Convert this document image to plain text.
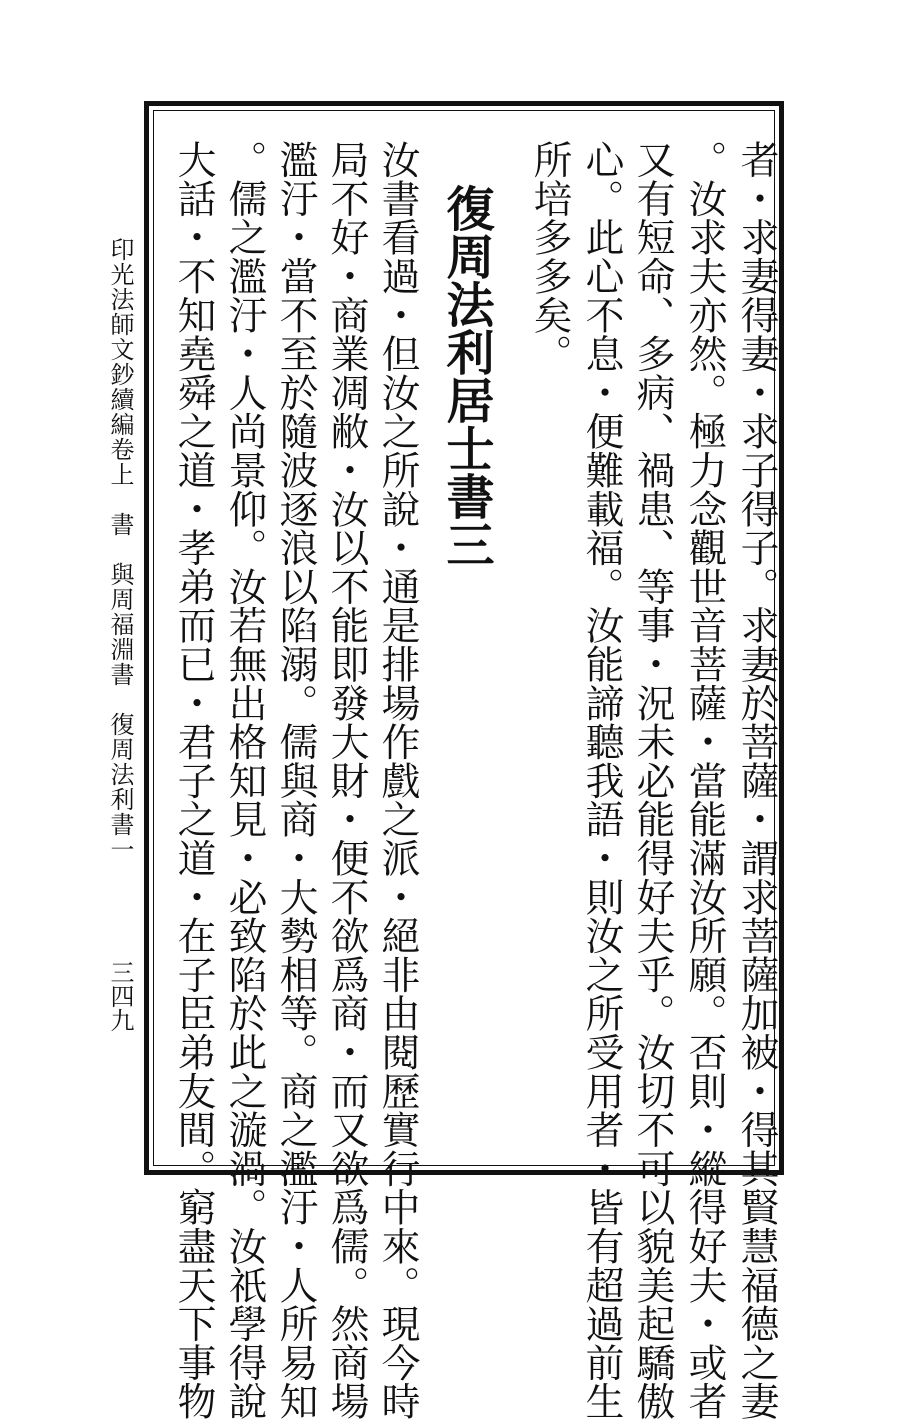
者・求妻得妻・求子得子。求妻於菩薩・謂求菩薩加被・得其賢慧福德之妻
。汝求夫亦然。極力念觀世音菩薩・當能滿汝所願。否則・縱得好夫・或者
又有短命、多病、禍患、等事・況未必能得好夫乎。汝切不可以貌美起驕傲
心。此心不息・便難載福。汝能諦聽我語・則汝之所受用者・皆有超過前生
所培多多矣。
復周法利居士書三
汝書看過・但汝之所說・通是排場作戲之派・絕非由閱歷實行中來。現今時
局不好・商業凋敝・汝以不能即發大財・便不欲爲商・而又欲爲儒。然商場
濫汙・當不至於隨波逐浪以陷溺。儒與商・大勢相等。商之濫汙・人所易知
。儒之濫汙・人尚景仰。汝若無出格知見・必致陷於此之漩渦。汝祇學得說
大話・不知堯舜之道・孝弟而已・君子之道・在子臣弟友間。窮盡天下事物
印光法師文鈔續編卷上　書　與周福淵書　復周法利書一
三四九
